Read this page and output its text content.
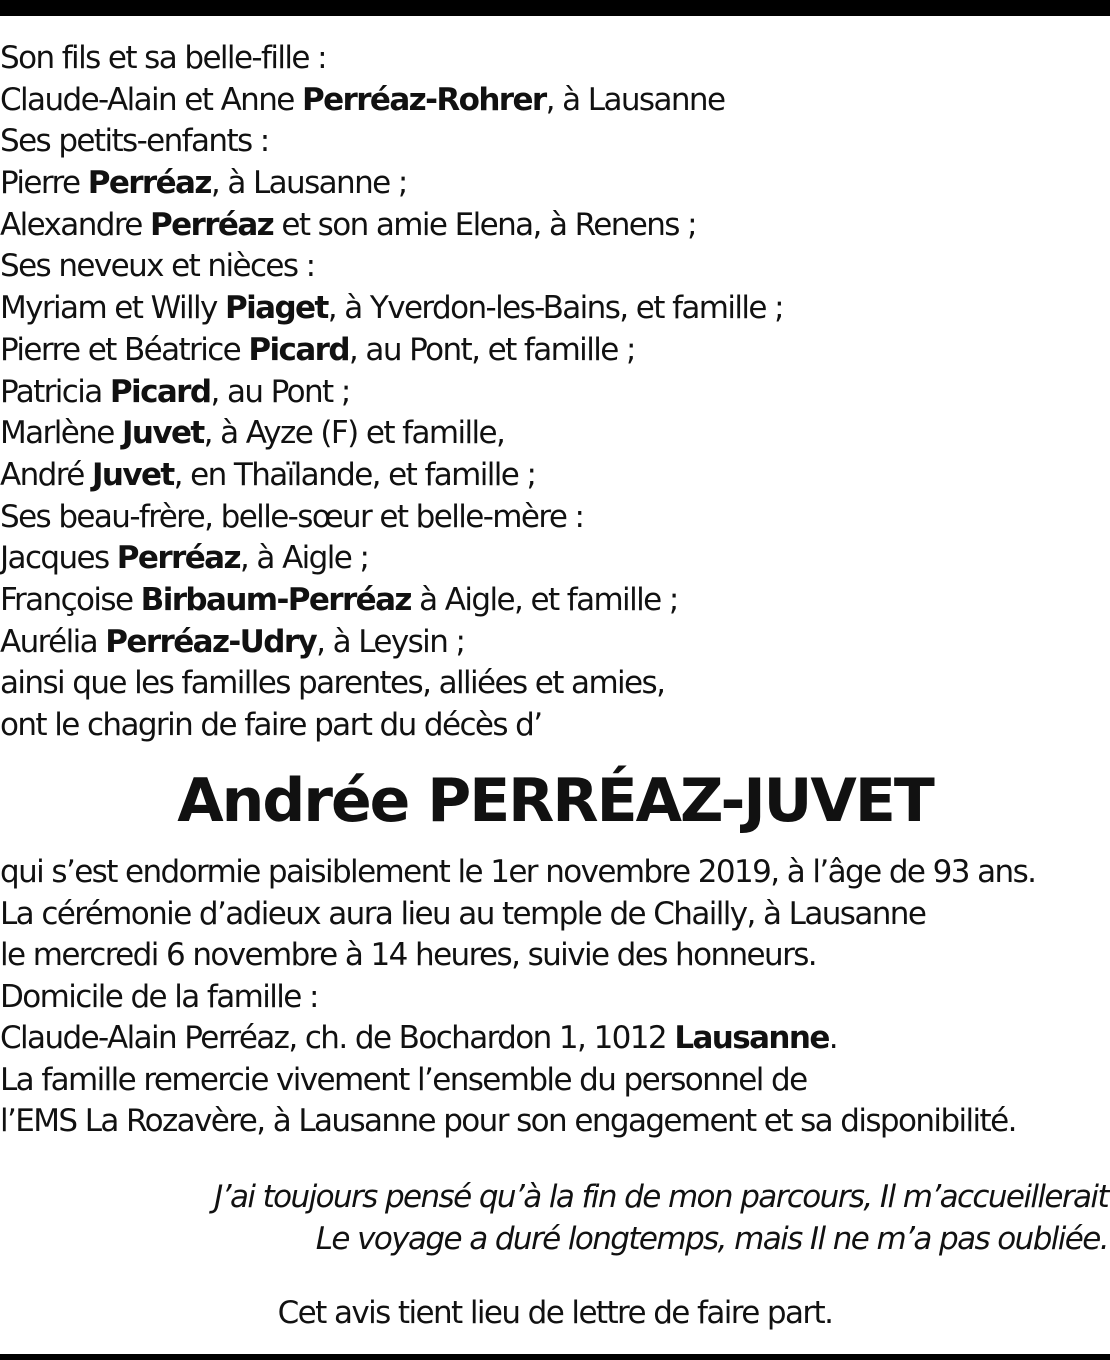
Son fils et sa belle-fille :
Claude-Alain et Anne Perréaz-Rohrer, à Lausanne
Ses petits-enfants :
Pierre Perréaz, à Lausanne ;
Alexandre Perréaz et son amie Elena, à Renens ;
Ses neveux et nièces :
Myriam et Willy Piaget, à Yverdon-les-Bains, et famille ;
Pierre et Béatrice Picard, au Pont, et famille ;
Patricia Picard, au Pont ;
Marlène Juvet, à Ayze (F) et famille,
André Juvet, en Thaïlande, et famille ;
Ses beau-frère, belle-sœur et belle-mère :
Jacques Perréaz, à Aigle ;
Françoise Birbaum-Perréaz à Aigle, et famille ;
Aurélia Perréaz-Udry, à Leysin ;
ainsi que les familles parentes, alliées et amies,
ont le chagrin de faire part du décès d’
Andrée PERRÉAZ-JUVET
qui s’est endormie paisiblement le 1er novembre 2019, à l’âge de 93 ans.
La cérémonie d’adieux aura lieu au temple de Chailly, à Lausanne
le mercredi 6 novembre à 14 heures, suivie des honneurs.
Domicile de la famille :
Claude-Alain Perréaz, ch. de Bochardon 1, 1012 Lausanne.
La famille remercie vivement l’ensemble du personnel de
l’EMS La Rozavère, à Lausanne pour son engagement et sa disponibilité.
J’ai toujours pensé qu’à la fin de mon parcours, Il m’accueillerait
Le voyage a duré longtemps, mais Il ne m’a pas oubliée.
Cet avis tient lieu de lettre de faire part.
